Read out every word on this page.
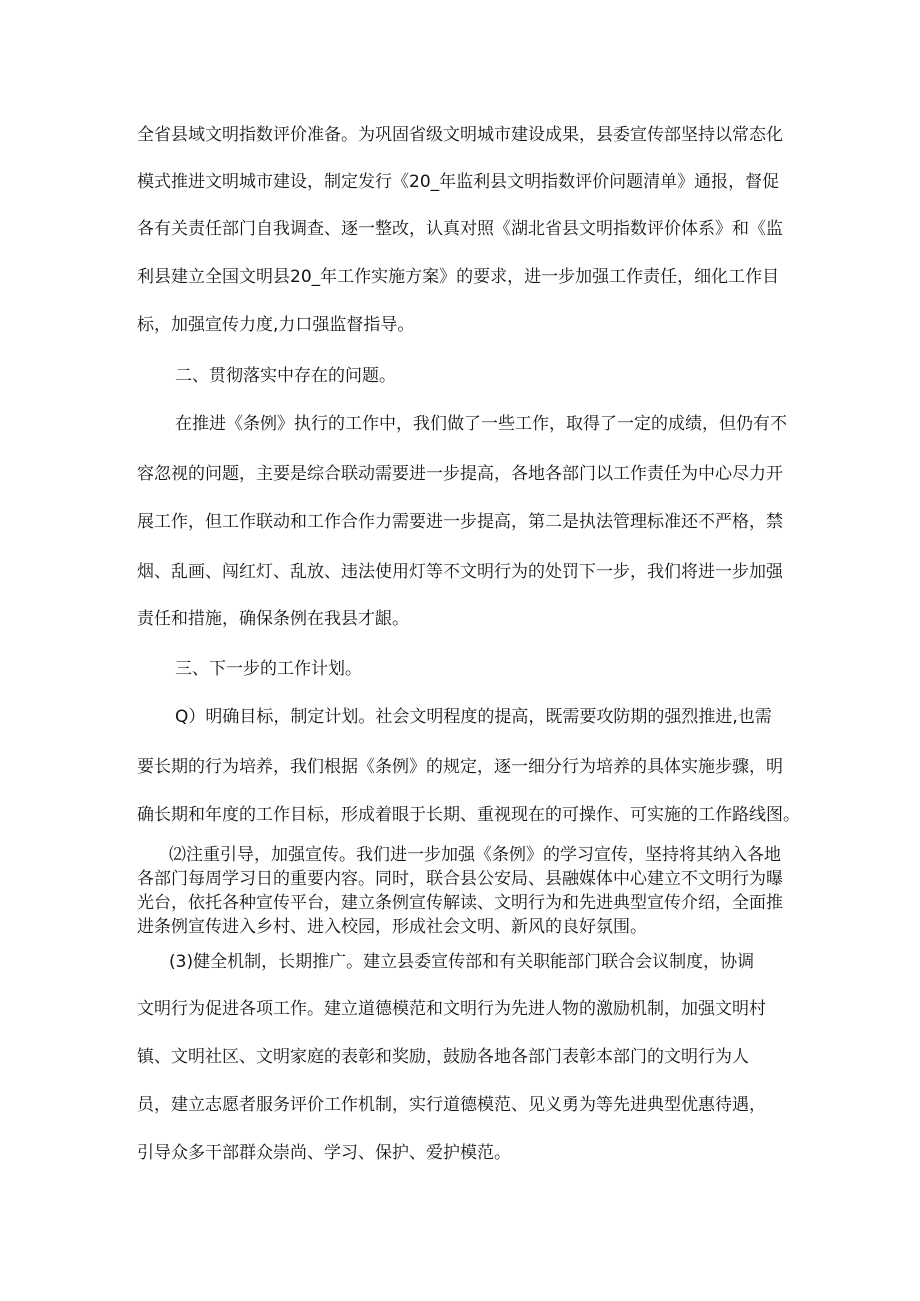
全省县域文明指数评价准备。为巩固省级文明城市建设成果，县委宣传部坚持以常态化
模式推进文明城市建设，制定发行《20_年监利县文明指数评价问题清单》通报，督促
各有关责任部门自我调查、逐一整改，认真对照《湖北省县文明指数评价体系》和《监
利县建立全国文明县20_年工作实施方案》的要求，进一步加强工作责任，细化工作目
标，加强宣传力度,力口强监督指导。
二、贯彻落实中存在的问题。
在推进《条例》执行的工作中，我们做了一些工作，取得了一定的成绩，但仍有不
容忽视的问题，主要是综合联动需要进一步提高，各地各部门以工作责任为中心尽力开
展工作，但工作联动和工作合作力需要进一步提高，第二是执法管理标准还不严格，禁
烟、乱画、闯红灯、乱放、违法使用灯等不文明行为的处罚下一步，我们将进一步加强
责任和措施，确保条例在我县才龈。
三、下一步的工作计划。
Q）明确目标，制定计划。社会文明程度的提高，既需要攻防期的强烈推进,也需
要长期的行为培养，我们根据《条例》的规定，逐一细分行为培养的具体实施步骤，明
确长期和年度的工作目标，形成着眼于长期、重视现在的可操作、可实施的工作路线图。
⑵注重引导，加强宣传。我们进一步加强《条例》的学习宣传，坚持将其纳入各地
各部门每周学习日的重要内容。同时，联合县公安局、县融媒体中心建立不文明行为曝
光台，依托各种宣传平台，建立条例宣传解读、文明行为和先进典型宣传介绍，全面推
进条例宣传进入乡村、进入校园，形成社会文明、新风的良好氛围。
(3)健全机制，长期推广。建立县委宣传部和有关职能部门联合会议制度，协调
文明行为促进各项工作。建立道德模范和文明行为先进人物的激励机制，加强文明村
镇、文明社区、文明家庭的表彰和奖励，鼓励各地各部门表彰本部门的文明行为人
员，建立志愿者服务评价工作机制，实行道德模范、见义勇为等先进典型优惠待遇，
引导众多干部群众崇尚、学习、保护、爱护模范。
